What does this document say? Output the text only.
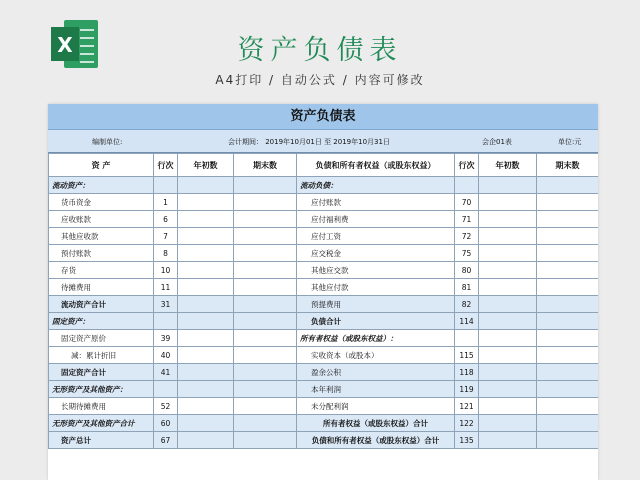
X	资产负债表
A4打印 / 自动公式 / 内容可修改
资产负债表
编制单位:	会计期间： 2019年10月01日 至 2019年10月31日	会企01表	单位:元
资 产	行次	年初数	期末数	负债和所有者权益（或股东权益）	行次	年初数	期末数
流动资产：				流动负债：			
货币资金	1			应付账款	70		
应收账款	6			应付福利费	71		
其他应收款	7			应付工资	72		
预付账款	8			应交税金	75		
存货	10			其他应交款	80		
待摊费用	11			其他应付款	81		
流动资产合计	31			预提费用	82		
固定资产：				负债合计	114		
固定资产原价	39			所有者权益（或股东权益）：			
减：累计折旧	40			实收资本（或股本）	115		
固定资产合计	41			盈余公积	118		
无形资产及其他资产：				本年利润	119		
长期待摊费用	52			未分配利润	121		
无形资产及其他资产合计	60			所有者权益（或股东权益）合计	122		
资产总计	67			负债和所有者权益（或股东权益）合计	135		
